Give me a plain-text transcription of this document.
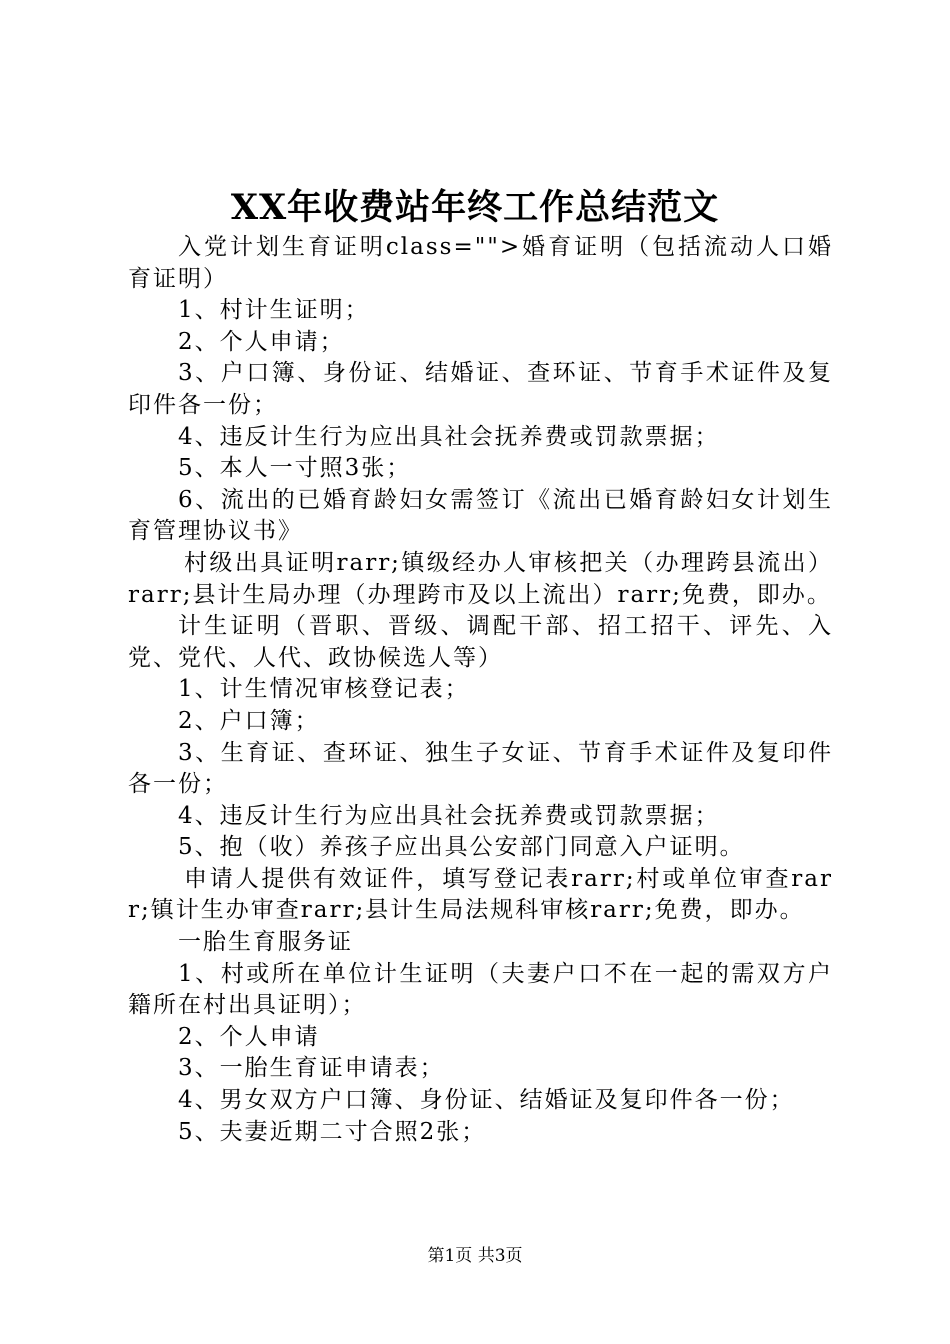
XX年收费站年终工作总结范文

入党计划生育证明class="">婚育证明（包括流动人口婚育证明）

1、村计生证明；

2、个人申请；

3、户口簿、身份证、结婚证、查环证、节育手术证件及复印件各一份；

4、违反计生行为应出具社会抚养费或罚款票据；

5、本人一寸照3张；

6、流出的已婚育龄妇女需签订《流出已婚育龄妇女计划生育管理协议书》

村级出具证明rarr;镇级经办人审核把关（办理跨县流出）rarr;县计生局办理（办理跨市及以上流出）rarr;免费，即办。

计生证明（晋职、晋级、调配干部、招工招干、评先、入党、党代、人代、政协候选人等）

1、计生情况审核登记表；

2、户口簿；

3、生育证、查环证、独生子女证、节育手术证件及复印件各一份；

4、违反计生行为应出具社会抚养费或罚款票据；

5、抱（收）养孩子应出具公安部门同意入户证明。

申请人提供有效证件，填写登记表rarr;村或单位审查rarr;镇计生办审查rarr;县计生局法规科审核rarr;免费，即办。

一胎生育服务证

1、村或所在单位计生证明（夫妻户口不在一起的需双方户籍所在村出具证明）；

2、个人申请

3、一胎生育证申请表；

4、男女双方户口簿、身份证、结婚证及复印件各一份；

5、夫妻近期二寸合照2张；

第1页 共3页
